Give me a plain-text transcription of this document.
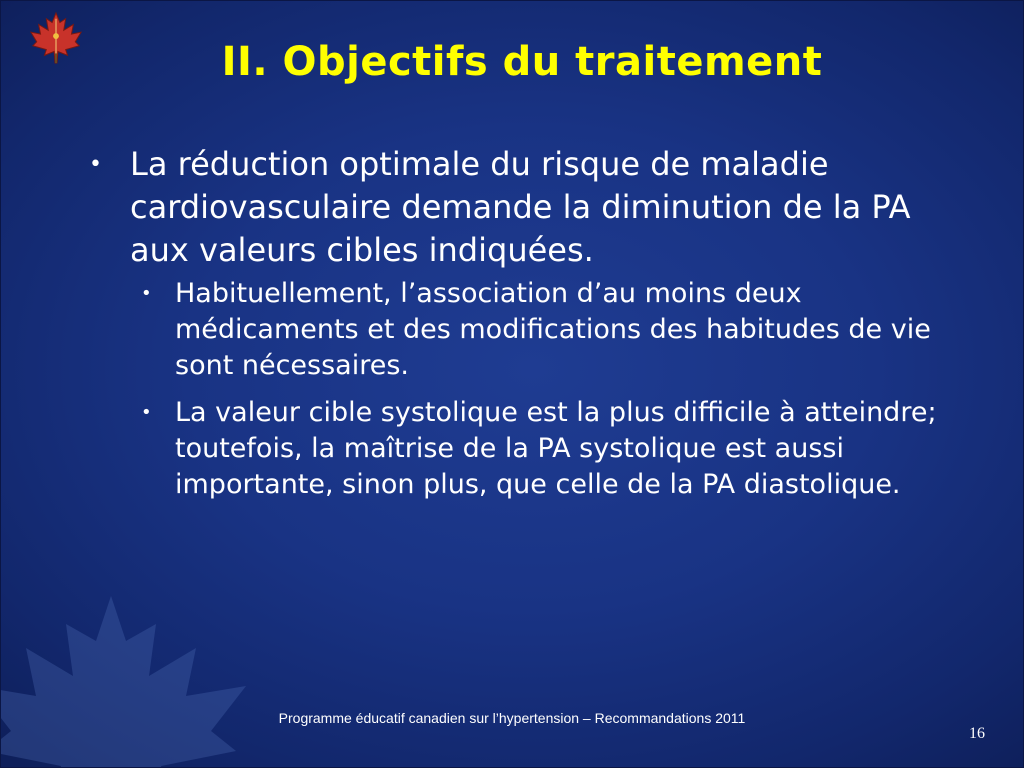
II. Objectifs du traitement
• La réduction optimale du risque de maladie cardiovasculaire demande la diminution de la PA aux valeurs cibles indiquées.
• Habituellement, l’association d’au moins deux médicaments et des modifications des habitudes de vie sont nécessaires.
• La valeur cible systolique est la plus difficile à atteindre; toutefois, la maîtrise de la PA systolique est aussi importante, sinon plus, que celle de la PA diastolique.
Programme éducatif canadien sur l’hypertension – Recommandations 2011
16
